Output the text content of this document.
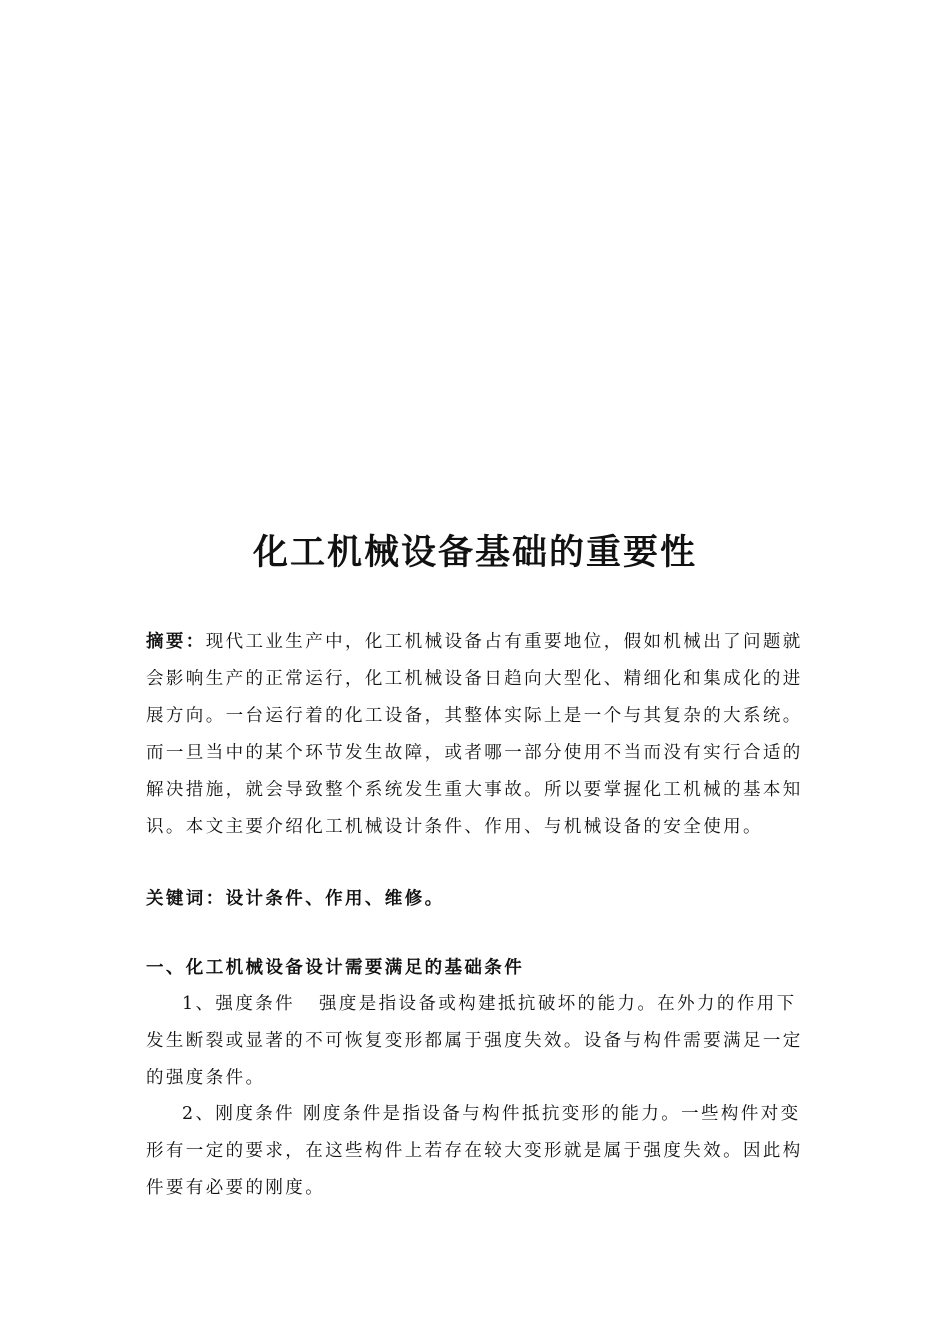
化工机械设备基础的重要性

摘要：现代工业生产中，化工机械设备占有重要地位，假如机械出了问题就会影响生产的正常运行，化工机械设备日趋向大型化、精细化和集成化的进展方向。一台运行着的化工设备，其整体实际上是一个与其复杂的大系统。而一旦当中的某个环节发生故障，或者哪一部分使用不当而没有实行合适的解决措施，就会导致整个系统发生重大事故。所以要掌握化工机械的基本知识。本文主要介绍化工机械设计条件、作用、与机械设备的安全使用。

关键词：设计条件、作用、维修。

一、化工机械设备设计需要满足的基础条件

1、强度条件 强度是指设备或构建抵抗破坏的能力。在外力的作用下发生断裂或显著的不可恢复变形都属于强度失效。设备与构件需要满足一定的强度条件。

2、刚度条件 刚度条件是指设备与构件抵抗变形的能力。一些构件对变形有一定的要求，在这些构件上若存在较大变形就是属于强度失效。因此构件要有必要的刚度。
